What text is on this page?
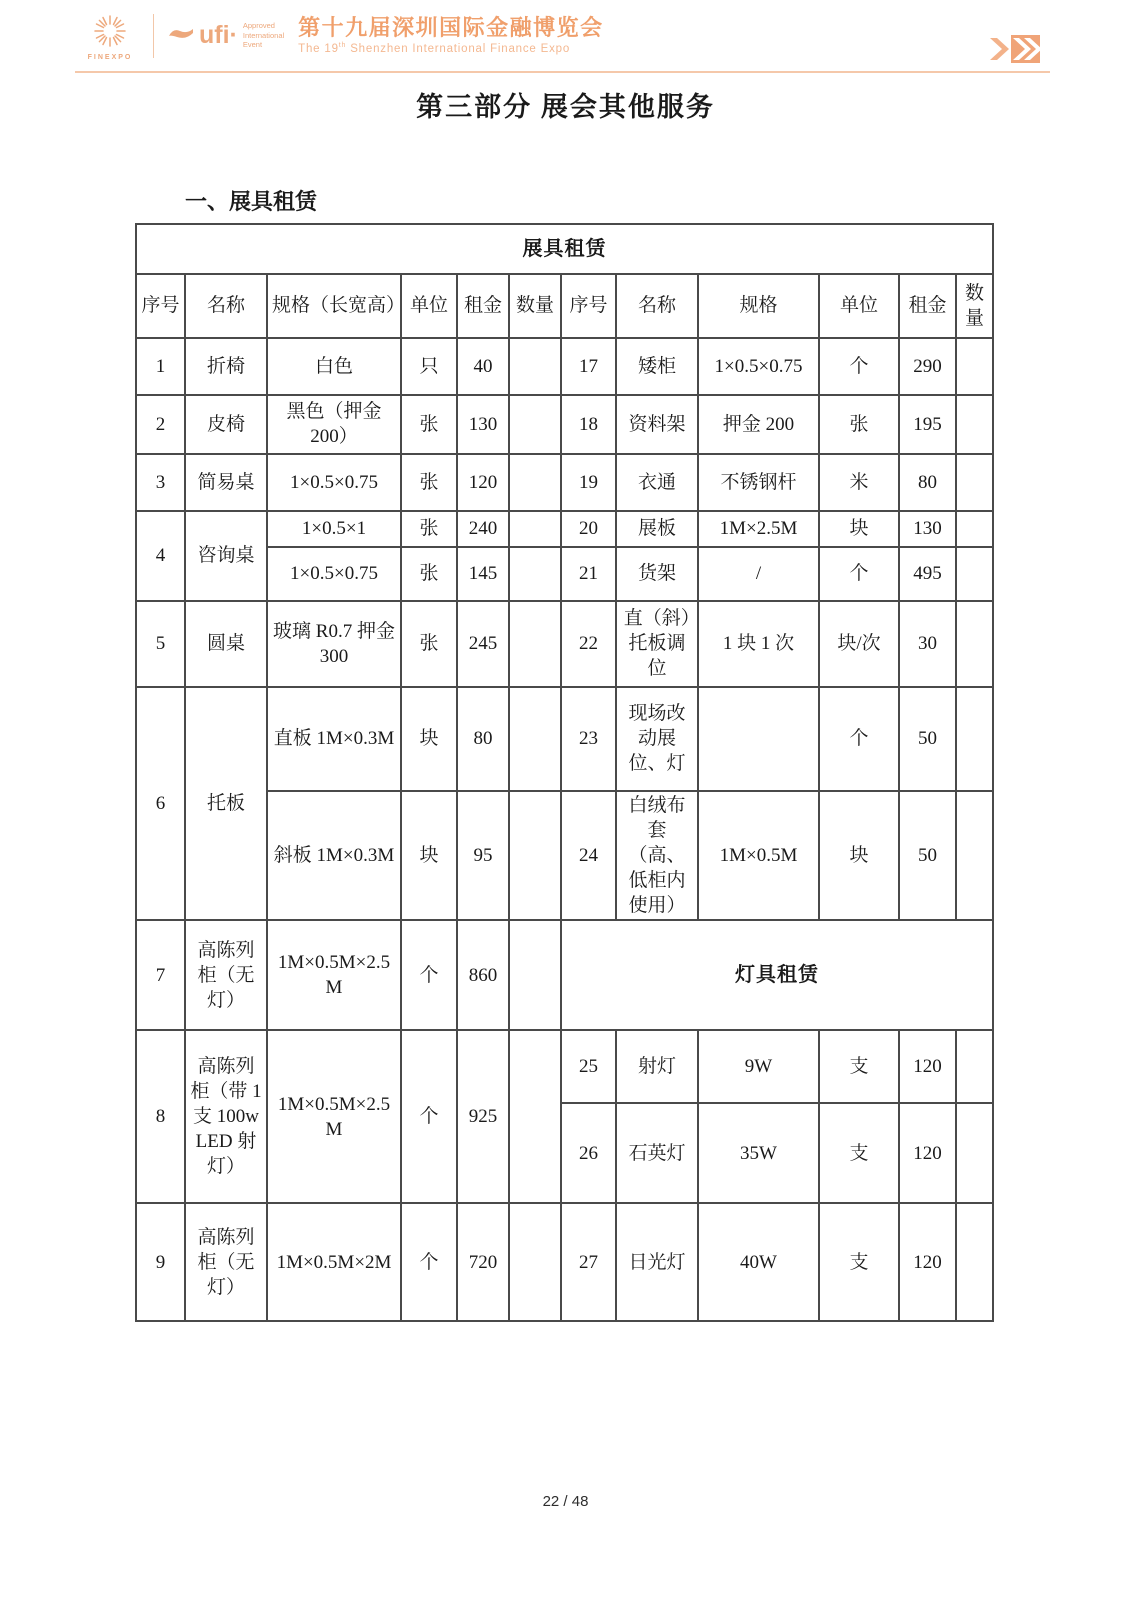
FINEXPO
ufi· Approved
International
Event
第十九届深圳国际金融博览会
The 19th Shenzhen International Finance Expo
第三部分 展会其他服务
一、展具租赁
展具租赁											
序号	名称	规格（长宽高）	单位	租金	数量	序号	名称	规格	单位	租金	数量
1	折椅	白色	只	40		17	矮柜	1×0.5×0.75	个	290	
2	皮椅	黑色（押金 200）	张	130		18	资料架	押金 200	张	195	
3	简易桌	1×0.5×0.75	张	120		19	衣通	不锈钢杆	米	80	
4	咨询桌	1×0.5×1	张	240		20	展板	1M×2.5M	块	130	
		1×0.5×0.75	张	145		21	货架	/	个	495	
5	圆桌	玻璃 R0.7 押金 300	张	245		22	直（斜）托板调位	1 块 1 次	块/次	30	
6	托板	直板 1M×0.3M	块	80		23	现场改动展位、灯		个	50	
		斜板 1M×0.3M	块	95		24	白绒布套（高、低柜内使用）	1M×0.5M	块	50	
7	高陈列柜（无灯）	1M×0.5M×2.5M	个	860		灯具租赁					
8	高陈列柜（带 1 支 100w LED 射灯）	1M×0.5M×2.5M	个	925		25	射灯	9W	支	120	
						26	石英灯	35W	支	120	
9	高陈列柜（无灯）	1M×0.5M×2M	个	720		27	日光灯	40W	支	120	
22 / 48
